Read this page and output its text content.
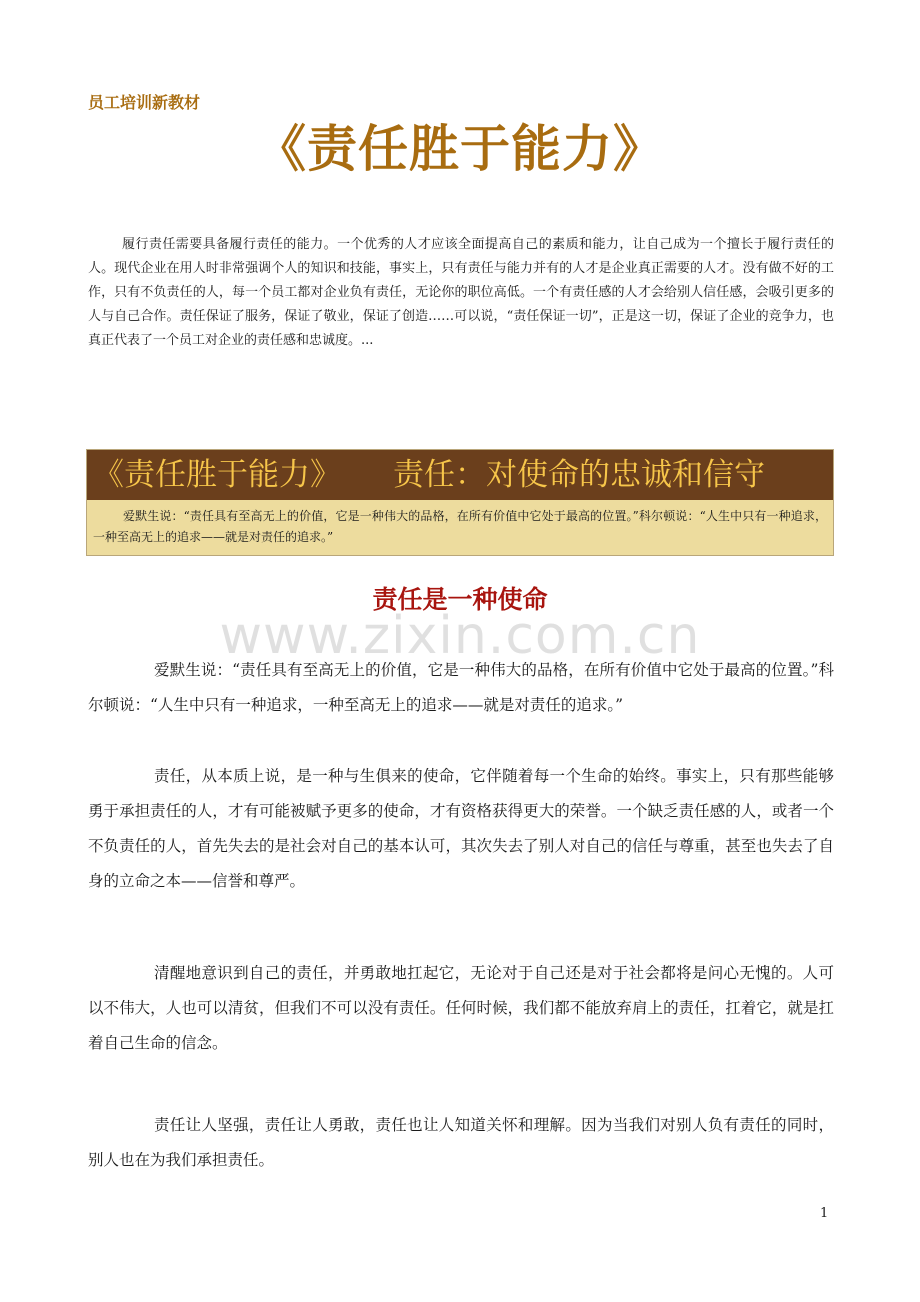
员工培训新教材
《责任胜于能力》
履行责任需要具备履行责任的能力。一个优秀的人才应该全面提高自己的素质和能力，让自己成为一个擅长于履行责任的人。现代企业在用人时非常强调个人的知识和技能，事实上，只有责任与能力并有的人才是企业真正需要的人才。没有做不好的工作，只有不负责任的人，每一个员工都对企业负有责任，无论你的职位高低。一个有责任感的人才会给别人信任感，会吸引更多的人与自己合作。责任保证了服务，保证了敬业，保证了创造……可以说，“责任保证一切”，正是这一切，保证了企业的竞争力，也真正代表了一个员工对企业的责任感和忠诚度。...
《责任胜于能力》 责任：对使命的忠诚和信守
爱默生说：“责任具有至高无上的价值，它是一种伟大的品格，在所有价值中它处于最高的位置。”科尔顿说：“人生中只有一种追求，一种至高无上的追求——就是对责任的追求。”
www.zixin.com.cn
责任是一种使命
爱默生说：“责任具有至高无上的价值，它是一种伟大的品格，在所有价值中它处于最高的位置。”科尔顿说：“人生中只有一种追求，一种至高无上的追求——就是对责任的追求。”
责任，从本质上说，是一种与生俱来的使命，它伴随着每一个生命的始终。事实上，只有那些能够勇于承担责任的人，才有可能被赋予更多的使命，才有资格获得更大的荣誉。一个缺乏责任感的人，或者一个不负责任的人，首先失去的是社会对自己的基本认可，其次失去了别人对自己的信任与尊重，甚至也失去了自身的立命之本——信誉和尊严。
清醒地意识到自己的责任，并勇敢地扛起它，无论对于自己还是对于社会都将是问心无愧的。人可以不伟大，人也可以清贫，但我们不可以没有责任。任何时候，我们都不能放弃肩上的责任，扛着它，就是扛着自己生命的信念。
责任让人坚强，责任让人勇敢，责任也让人知道关怀和理解。因为当我们对别人负有责任的同时，别人也在为我们承担责任。
1
